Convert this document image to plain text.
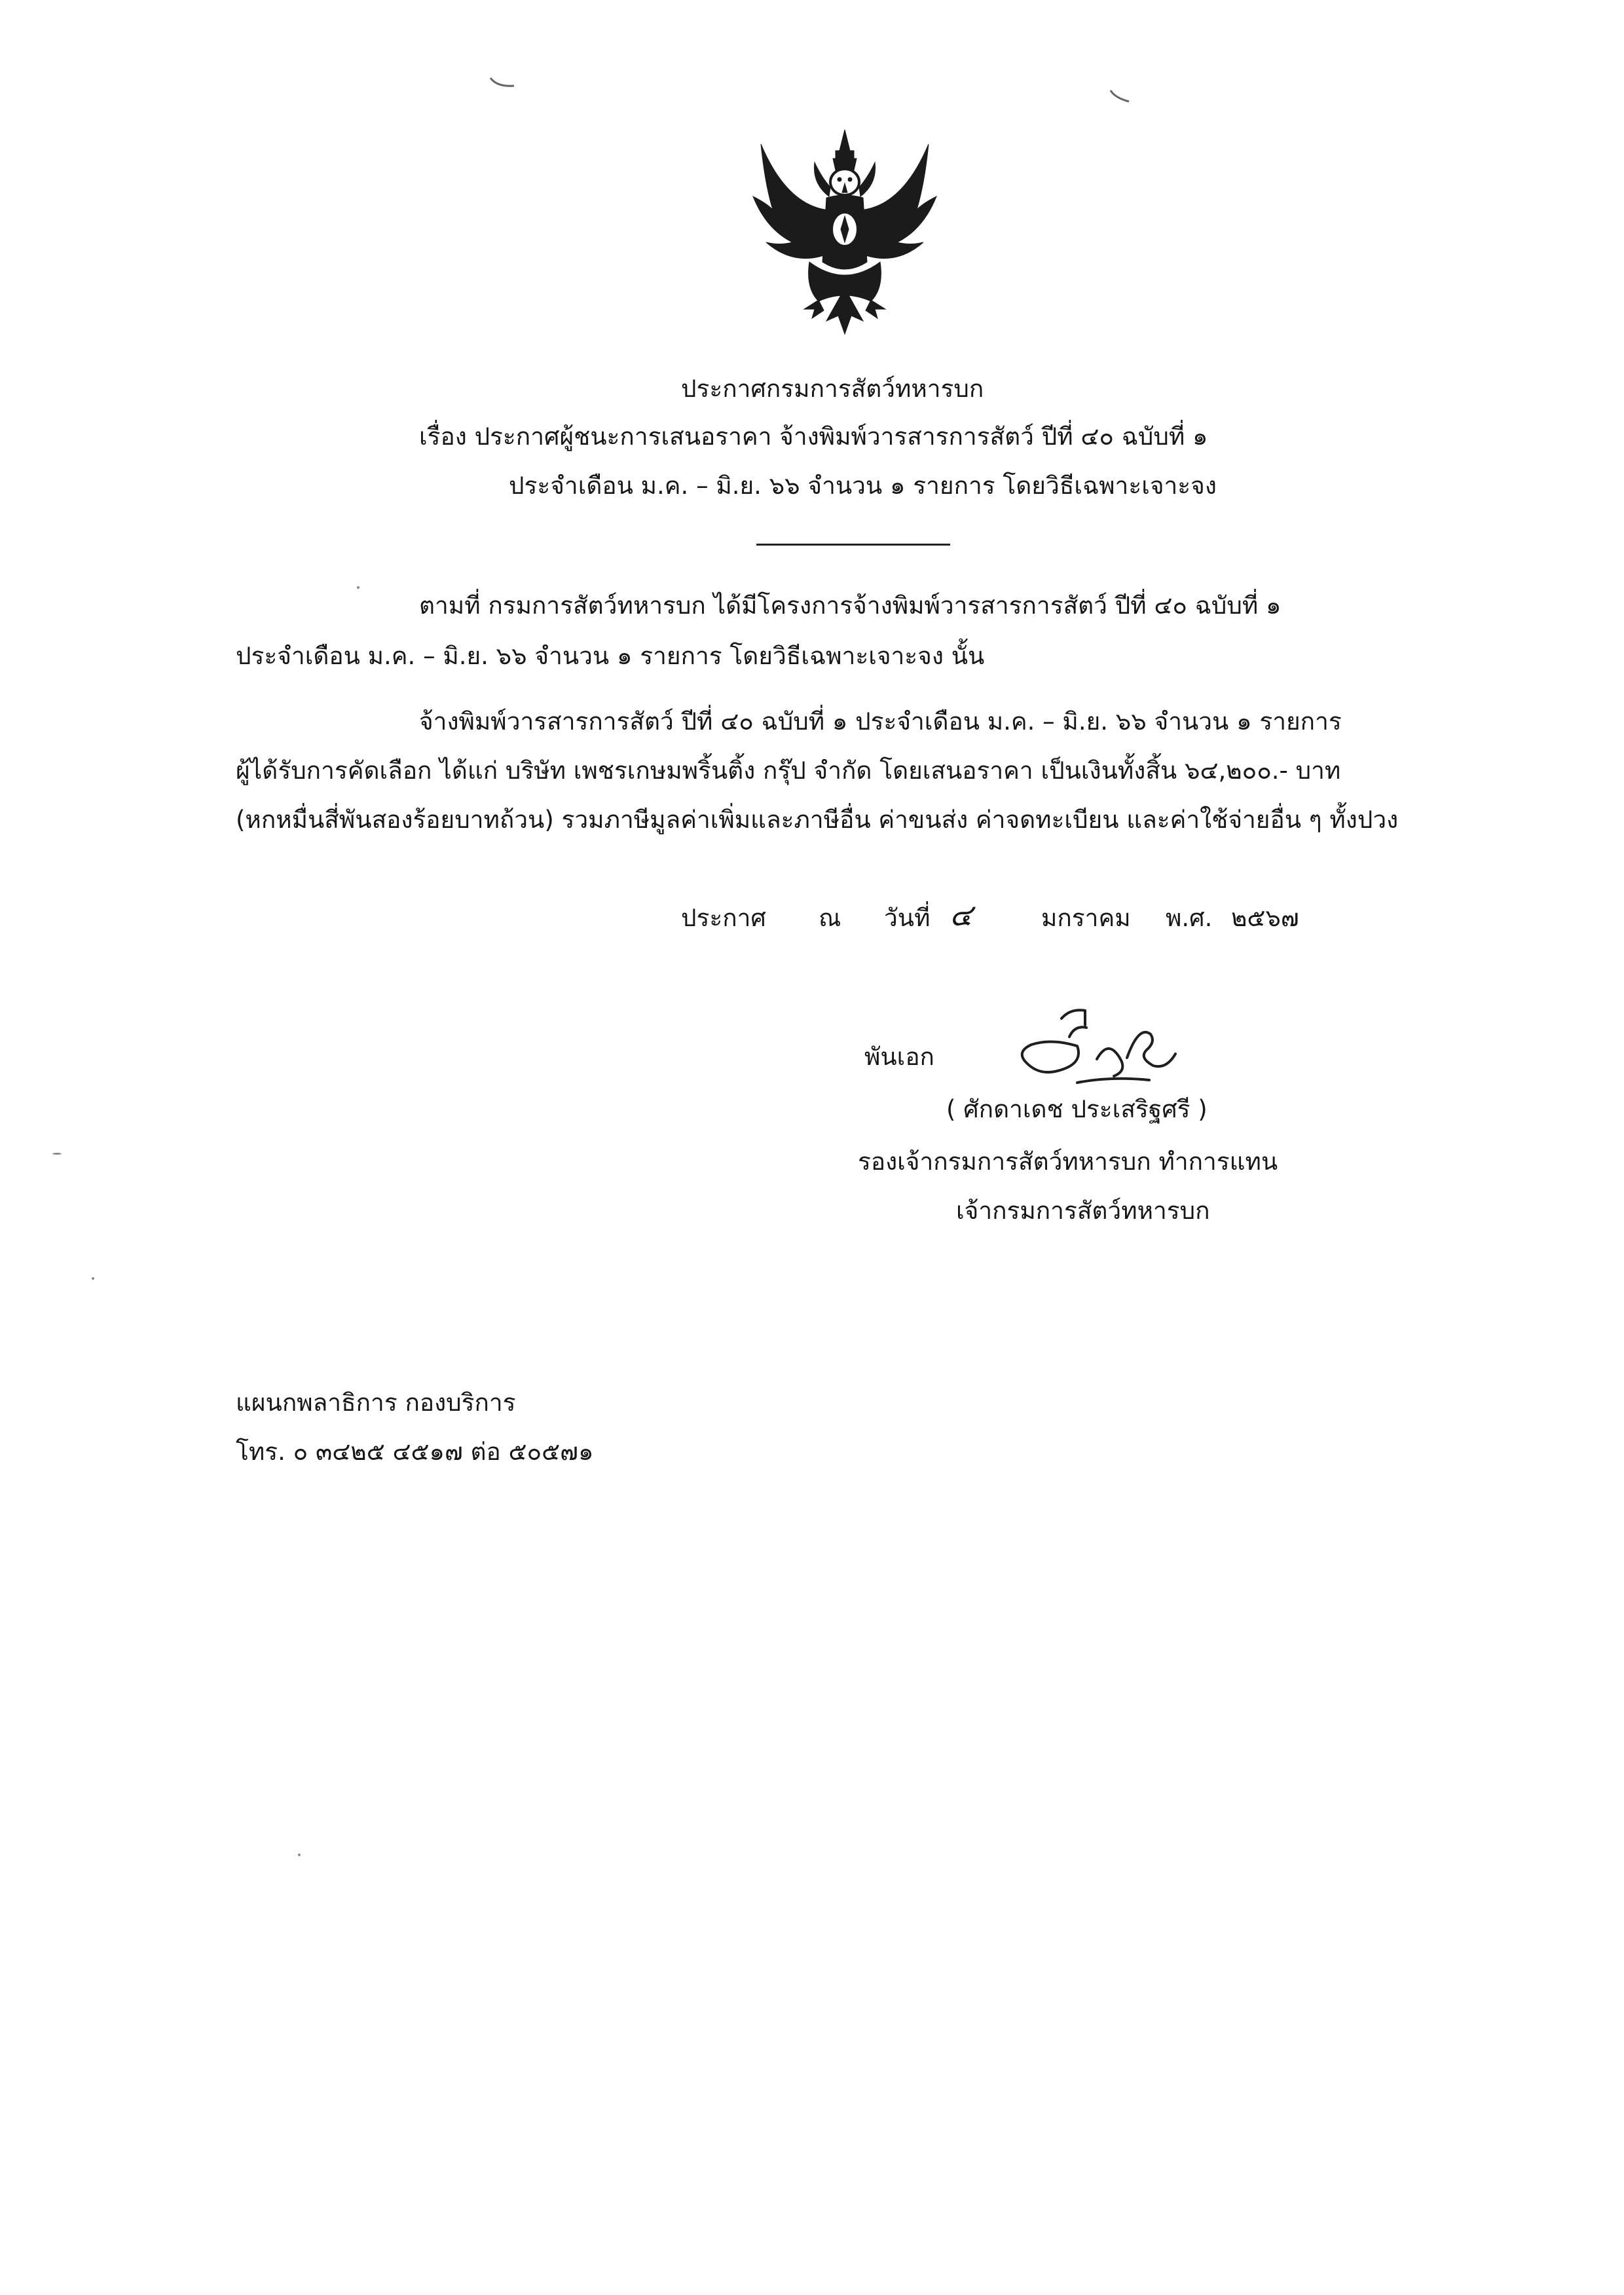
ประกาศกรมการสัตว์ทหารบก
เรื่อง ประกาศผู้ชนะการเสนอราคา จ้างพิมพ์วารสารการสัตว์ ปีที่ ๔๐ ฉบับที่ ๑
ประจำเดือน ม.ค. – มิ.ย. ๖๖ จำนวน ๑ รายการ โดยวิธีเฉพาะเจาะจง
ตามที่ กรมการสัตว์ทหารบก ได้มีโครงการจ้างพิมพ์วารสารการสัตว์ ปีที่ ๔๐ ฉบับที่ ๑
ประจำเดือน ม.ค. – มิ.ย. ๖๖ จำนวน ๑ รายการ โดยวิธีเฉพาะเจาะจง นั้น
จ้างพิมพ์วารสารการสัตว์ ปีที่ ๔๐ ฉบับที่ ๑ ประจำเดือน ม.ค. – มิ.ย. ๖๖ จำนวน ๑ รายการ
ผู้ได้รับการคัดเลือก ได้แก่ บริษัท เพชรเกษมพริ้นติ้ง กรุ๊ป จำกัด โดยเสนอราคา เป็นเงินทั้งสิ้น ๖๔,๒๐๐.- บาท
(หกหมื่นสี่พันสองร้อยบาทถ้วน) รวมภาษีมูลค่าเพิ่มและภาษีอื่น ค่าขนส่ง ค่าจดทะเบียน และค่าใช้จ่ายอื่น ๆ ทั้งปวง
ประกาศ ณ วันที่ ๔	มกราคม พ.ศ. ๒๕๖๗
พันเอก
( ศักดาเดช ประเสริฐศรี )
รองเจ้ากรมการสัตว์ทหารบก ทำการแทน
เจ้ากรมการสัตว์ทหารบก
แผนกพลาธิการ กองบริการ
โทร. ๐ ๓๔๒๕ ๔๕๑๗ ต่อ ๕๐๕๗๑
